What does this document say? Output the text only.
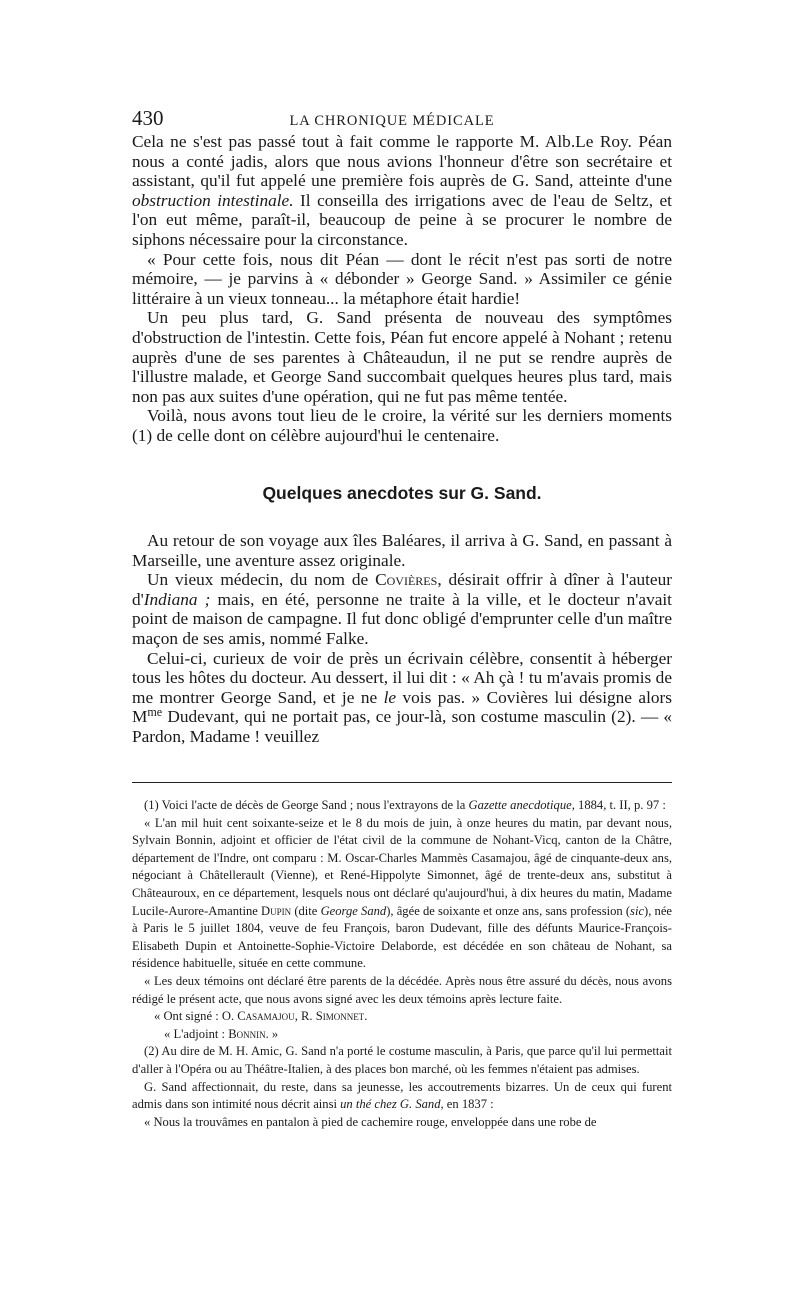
430	LA CHRONIQUE MÉDICALE

Cela ne s'est pas passé tout à fait comme le rapporte M. Alb.Le Roy. Péan nous a conté jadis, alors que nous avions l'honneur d'être son secrétaire et assistant, qu'il fut appelé une première fois auprès de G. Sand, atteinte d'une obstruction intestinale. Il conseilla des irrigations avec de l'eau de Seltz, et l'on eut même, paraît-il, beaucoup de peine à se procurer le nombre de siphons nécessaire pour la circonstance.

« Pour cette fois, nous dit Péan — dont le récit n'est pas sorti de notre mémoire, — je parvins à « débonder » George Sand. » Assimiler ce génie littéraire à un vieux tonneau... la métaphore était hardie!

Un peu plus tard, G. Sand présenta de nouveau des symptômes d'obstruction de l'intestin. Cette fois, Péan fut encore appelé à Nohant ; retenu auprès d'une de ses parentes à Châteaudun, il ne put se rendre auprès de l'illustre malade, et George Sand succombait quelques heures plus tard, mais non pas aux suites d'une opération, qui ne fut pas même tentée.

Voilà, nous avons tout lieu de le croire, la vérité sur les derniers moments (1) de celle dont on célèbre aujourd'hui le centenaire.

Quelques anecdotes sur G. Sand.

Au retour de son voyage aux îles Baléares, il arriva à G. Sand, en passant à Marseille, une aventure assez originale.

Un vieux médecin, du nom de Covières, désirait offrir à dîner à l'auteur d'Indiana ; mais, en été, personne ne traite à la ville, et le docteur n'avait point de maison de campagne. Il fut donc obligé d'emprunter celle d'un maître maçon de ses amis, nommé Falke.

Celui-ci, curieux de voir de près un écrivain célèbre, consentit à héberger tous les hôtes du docteur. Au dessert, il lui dit : « Ah çà ! tu m'avais promis de me montrer George Sand, et je ne le vois pas. » Covières lui désigne alors $M^{me}$ Dudevant, qui ne portait pas, ce jour-là, son costume masculin (2). — « Pardon, Madame ! veuillez

(1) Voici l'acte de décès de George Sand ; nous l'extrayons de la Gazette anecdotique, 1884, t. II, p. 97 :

« L'an mil huit cent soixante-seize et le 8 du mois de juin, à onze heures du matin, par devant nous, Sylvain Bonnin, adjoint et officier de l'état civil de la commune de Nohant-Vicq, canton de la Châtre, département de l'Indre, ont comparu : M. Oscar-Charles Mammès Casamajou, âgé de cinquante-deux ans, négociant à Châtellerault (Vienne), et René-Hippolyte Simonnet, âgé de trente-deux ans, substitut à Châteauroux, en ce département, lesquels nous ont déclaré qu'aujourd'hui, à dix heures du matin, Madame Lucile-Aurore-Amantine Dupin (dite George Sand), âgée de soixante et onze ans, sans profession (sic), née à Paris le 5 juillet 1804, veuve de feu François, baron Dudevant, fille des défunts Maurice-François-Elisabeth Dupin et Antoinette-Sophie-Victoire Delaborde, est décédée en son château de Nohant, sa résidence habituelle, située en cette commune.

« Les deux témoins ont déclaré être parents de la décédée. Après nous être assuré du décès, nous avons rédigé le présent acte, que nous avons signé avec les deux témoins après lecture faite.

« Ont signé : O. Casamajou, R. Simonnet.

« L'adjoint : Bonnin. »

(2) Au dire de M. H. Amic, G. Sand n'a porté le costume masculin, à Paris, que parce qu'il lui permettait d'aller à l'Opéra ou au Théâtre-Italien, à des places bon marché, où les femmes n'étaient pas admises.

G. Sand affectionnait, du reste, dans sa jeunesse, les accoutrements bizarres. Un de ceux qui furent admis dans son intimité nous décrit ainsi un thé chez G. Sand, en 1837 :

« Nous la trouvâmes en pantalon à pied de cachemire rouge, enveloppée dans une robe de
